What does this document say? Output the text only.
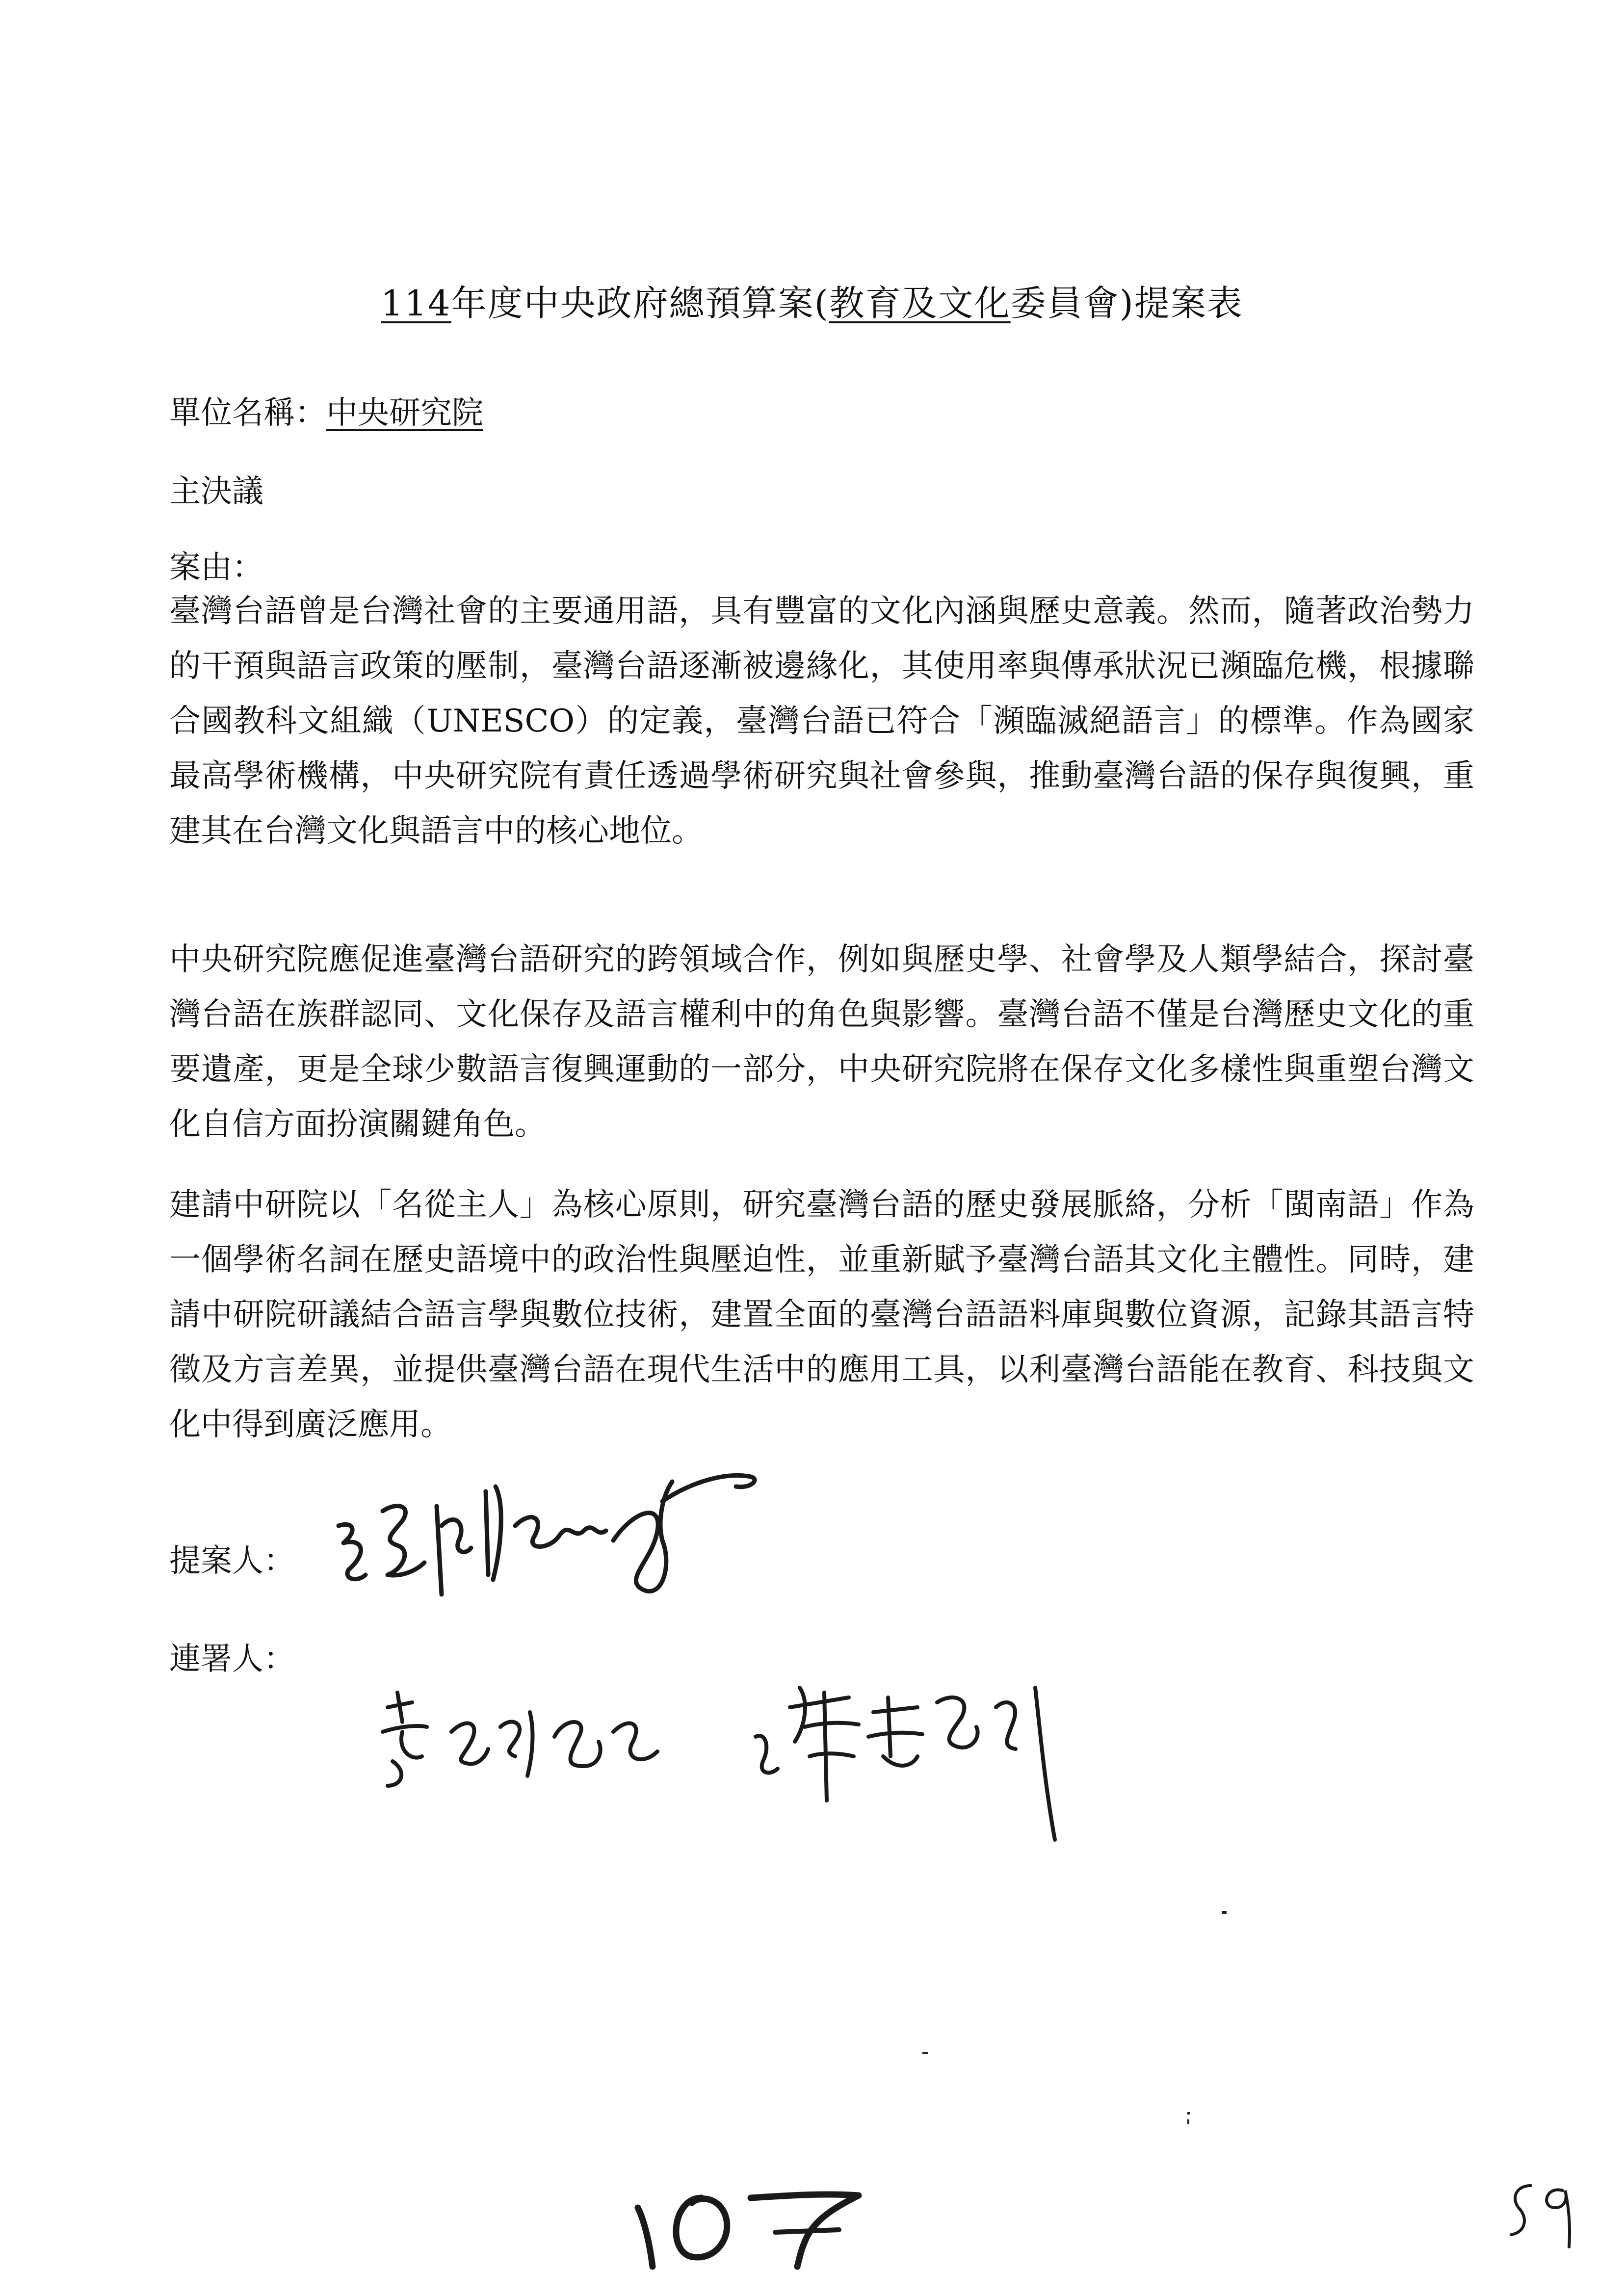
114年度中央政府總預算案(教育及文化委員會)提案表
單位名稱：中央研究院
主決議
案由：
臺灣台語曾是台灣社會的主要通用語，具有豐富的文化內涵與歷史意義。然而，隨著政治勢力的干預與語言政策的壓制，臺灣台語逐漸被邊緣化，其使用率與傳承狀況已瀕臨危機，根據聯合國教科文組織（UNESCO）的定義，臺灣台語已符合「瀕臨滅絕語言」的標準。作為國家最高學術機構，中央研究院有責任透過學術研究與社會參與，推動臺灣台語的保存與復興，重建其在台灣文化與語言中的核心地位。
中央研究院應促進臺灣台語研究的跨領域合作，例如與歷史學、社會學及人類學結合，探討臺灣台語在族群認同、文化保存及語言權利中的角色與影響。臺灣台語不僅是台灣歷史文化的重要遺產，更是全球少數語言復興運動的一部分，中央研究院將在保存文化多樣性與重塑台灣文化自信方面扮演關鍵角色。
建請中研院以「名從主人」為核心原則，研究臺灣台語的歷史發展脈絡，分析「閩南語」作為一個學術名詞在歷史語境中的政治性與壓迫性，並重新賦予臺灣台語其文化主體性。同時，建請中研院研議結合語言學與數位技術，建置全面的臺灣台語語料庫與數位資源，記錄其語言特徵及方言差異，並提供臺灣台語在現代生活中的應用工具，以利臺灣台語能在教育、科技與文化中得到廣泛應用。
提案人：
連署人：
